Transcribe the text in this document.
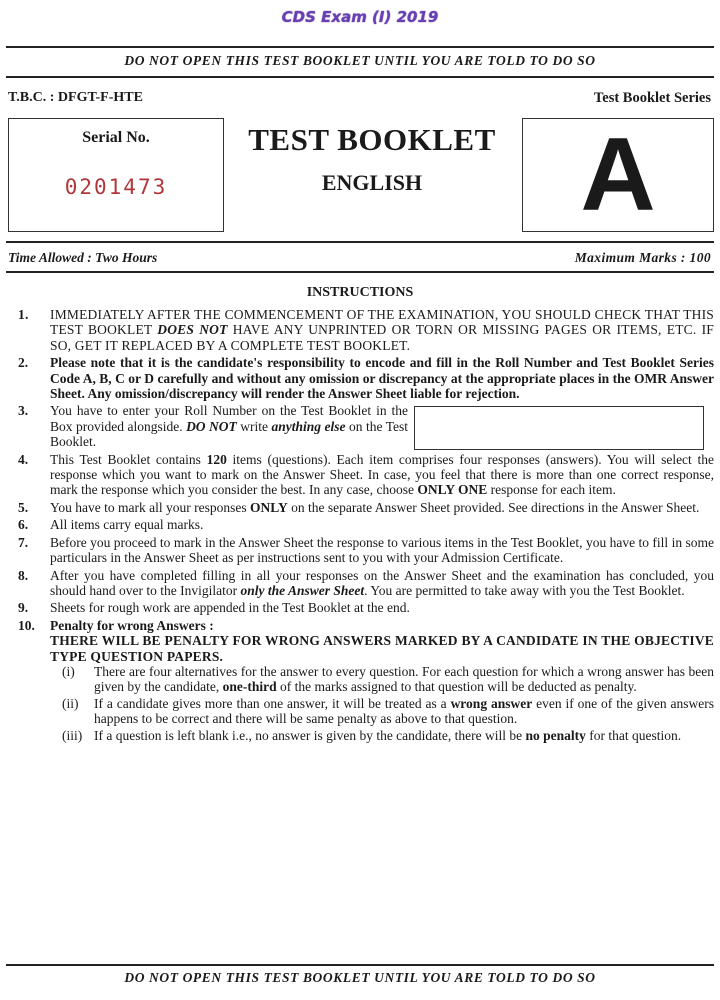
CDS Exam (I) 2019
DO NOT OPEN THIS TEST BOOKLET UNTIL YOU ARE TOLD TO DO SO
T.B.C. : DFGT-F-HTE	Test Booklet Series
Serial No.
0201473
TEST BOOKLET
ENGLISH	A
Time Allowed : Two Hours	Maximum Marks : 100
INSTRUCTIONS
1. IMMEDIATELY AFTER THE COMMENCEMENT OF THE EXAMINATION, YOU SHOULD CHECK THAT THIS TEST BOOKLET DOES NOT HAVE ANY UNPRINTED OR TORN OR MISSING PAGES OR ITEMS, ETC. IF SO, GET IT REPLACED BY A COMPLETE TEST BOOKLET.
2. Please note that it is the candidate's responsibility to encode and fill in the Roll Number and Test Booklet Series Code A, B, C or D carefully and without any omission or discrepancy at the appropriate places in the OMR Answer Sheet. Any omission/discrepancy will render the Answer Sheet liable for rejection.
3. You have to enter your Roll Number on the Test Booklet in the Box provided alongside. DO NOT write anything else on the Test Booklet.
4. This Test Booklet contains 120 items (questions). Each item comprises four responses (answers). You will select the response which you want to mark on the Answer Sheet. In case, you feel that there is more than one correct response, mark the response which you consider the best. In any case, choose ONLY ONE response for each item.
5. You have to mark all your responses ONLY on the separate Answer Sheet provided. See directions in the Answer Sheet.
6. All items carry equal marks.
7. Before you proceed to mark in the Answer Sheet the response to various items in the Test Booklet, you have to fill in some particulars in the Answer Sheet as per instructions sent to you with your Admission Certificate.
8. After you have completed filling in all your responses on the Answer Sheet and the examination has concluded, you should hand over to the Invigilator only the Answer Sheet. You are permitted to take away with you the Test Booklet.
9. Sheets for rough work are appended in the Test Booklet at the end.
10. Penalty for wrong Answers :
THERE WILL BE PENALTY FOR WRONG ANSWERS MARKED BY A CANDIDATE IN THE OBJECTIVE TYPE QUESTION PAPERS.
(i) There are four alternatives for the answer to every question. For each question for which a wrong answer has been given by the candidate, one-third of the marks assigned to that question will be deducted as penalty.
(ii) If a candidate gives more than one answer, it will be treated as a wrong answer even if one of the given answers happens to be correct and there will be same penalty as above to that question.
(iii) If a question is left blank i.e., no answer is given by the candidate, there will be no penalty for that question.
DO NOT OPEN THIS TEST BOOKLET UNTIL YOU ARE TOLD TO DO SO
